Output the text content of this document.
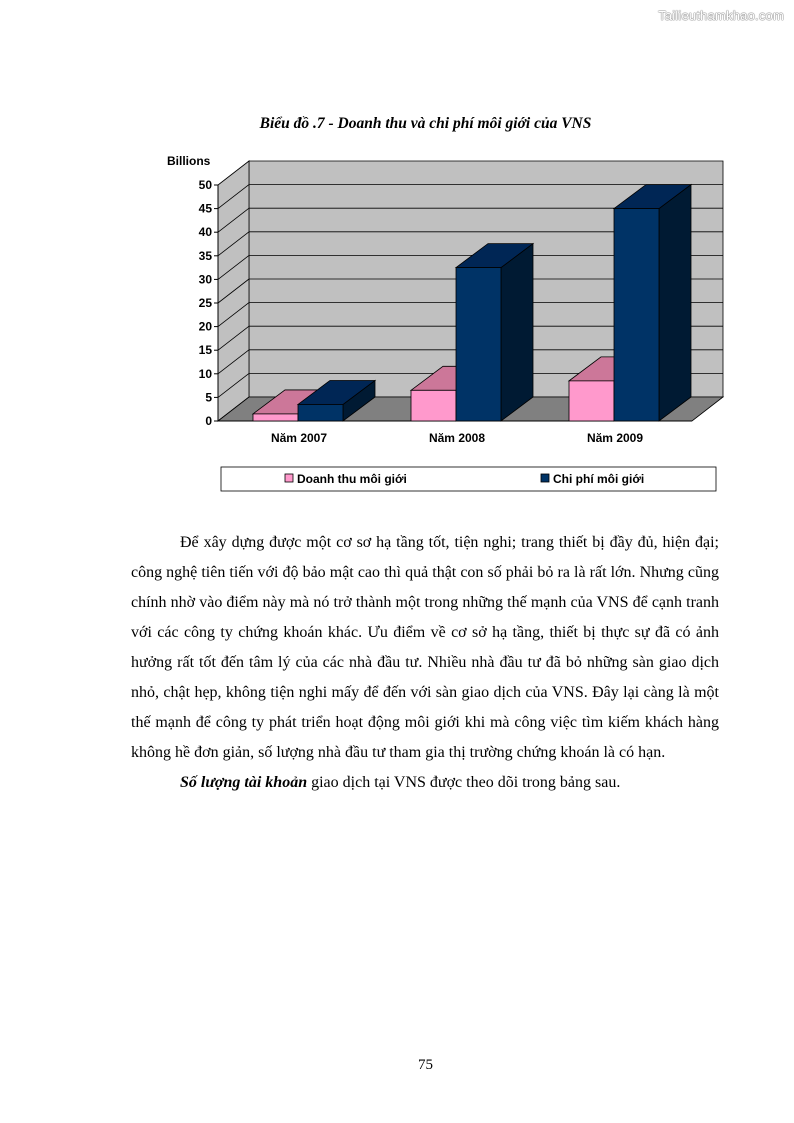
Tailieuthamkhao.com
Biểu đồ .7 - Doanh thu và chi phí môi giới của VNS
0
5
10
15
20
25
30
35
40
45
50
Billions
Năm 2007	Năm 2008	Năm 2009
Doanh thu môi giới	Chi phí môi giới

Để xây dựng được một cơ sơ hạ tầng tốt, tiện nghi; trang thiết bị đầy đủ, hiện đại; công nghệ tiên tiến với độ bảo mật cao thì quả thật con số phải bỏ ra là rất lớn. Nhưng cũng chính nhờ vào điểm này mà nó trở thành một trong những thế mạnh của VNS để cạnh tranh với các công ty chứng khoán khác. Ưu điểm về cơ sở hạ tầng, thiết bị thực sự đã có ảnh hưởng rất tốt đến tâm lý của các nhà đầu tư. Nhiều nhà đầu tư đã bỏ những sàn giao dịch nhỏ, chật hẹp, không tiện nghi mấy để đến với sàn giao dịch của VNS. Đây lại càng là một thế mạnh để công ty phát triển hoạt động môi giới khi mà công việc tìm kiếm khách hàng không hề đơn giản, số lượng nhà đầu tư tham gia thị trường chứng khoán là có hạn.

Số lượng tài khoản giao dịch tại VNS được theo dõi trong bảng sau.

75
